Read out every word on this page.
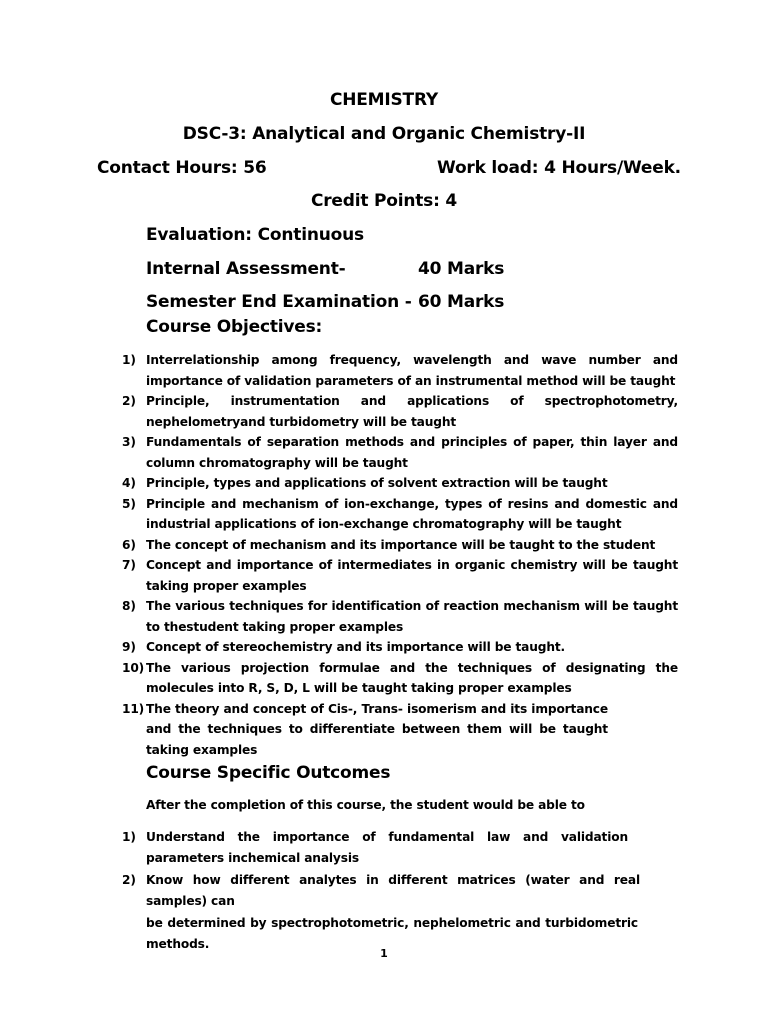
CHEMISTRY
DSC-3: Analytical and Organic Chemistry-II
Contact Hours: 56	Work load: 4 Hours/Week.
Credit Points: 4
Evaluation: Continuous
Internal Assessment-	40 Marks
Semester End Examination - 60 Marks
Course Objectives:
1) Interrelationship among frequency, wavelength and wave number and importance of validation parameters of an instrumental method will be taught
2) Principle, instrumentation and applications of spectrophotometry, nephelometryand turbidometry will be taught
3) Fundamentals of separation methods and principles of paper, thin layer and column chromatography will be taught
4) Principle, types and applications of solvent extraction will be taught
5) Principle and mechanism of ion-exchange, types of resins and domestic and industrial applications of ion-exchange chromatography will be taught
6) The concept of mechanism and its importance will be taught to the student
7) Concept and importance of intermediates in organic chemistry will be taught taking proper examples
8) The various techniques for identification of reaction mechanism will be taught to thestudent taking proper examples
9) Concept of stereochemistry and its importance will be taught.
10) The various projection formulae and the techniques of designating the molecules into R, S, D, L will be taught taking proper examples
11) The theory and concept of Cis-, Trans- isomerism and its importance and the techniques to differentiate between them will be taught taking examples
Course Specific Outcomes
After the completion of this course, the student would be able to
1) Understand the importance of fundamental law and validation
parameters inchemical analysis
2) Know how different analytes in different matrices (water and real samples) can
be determined by spectrophotometric, nephelometric and turbidometric methods.
1
